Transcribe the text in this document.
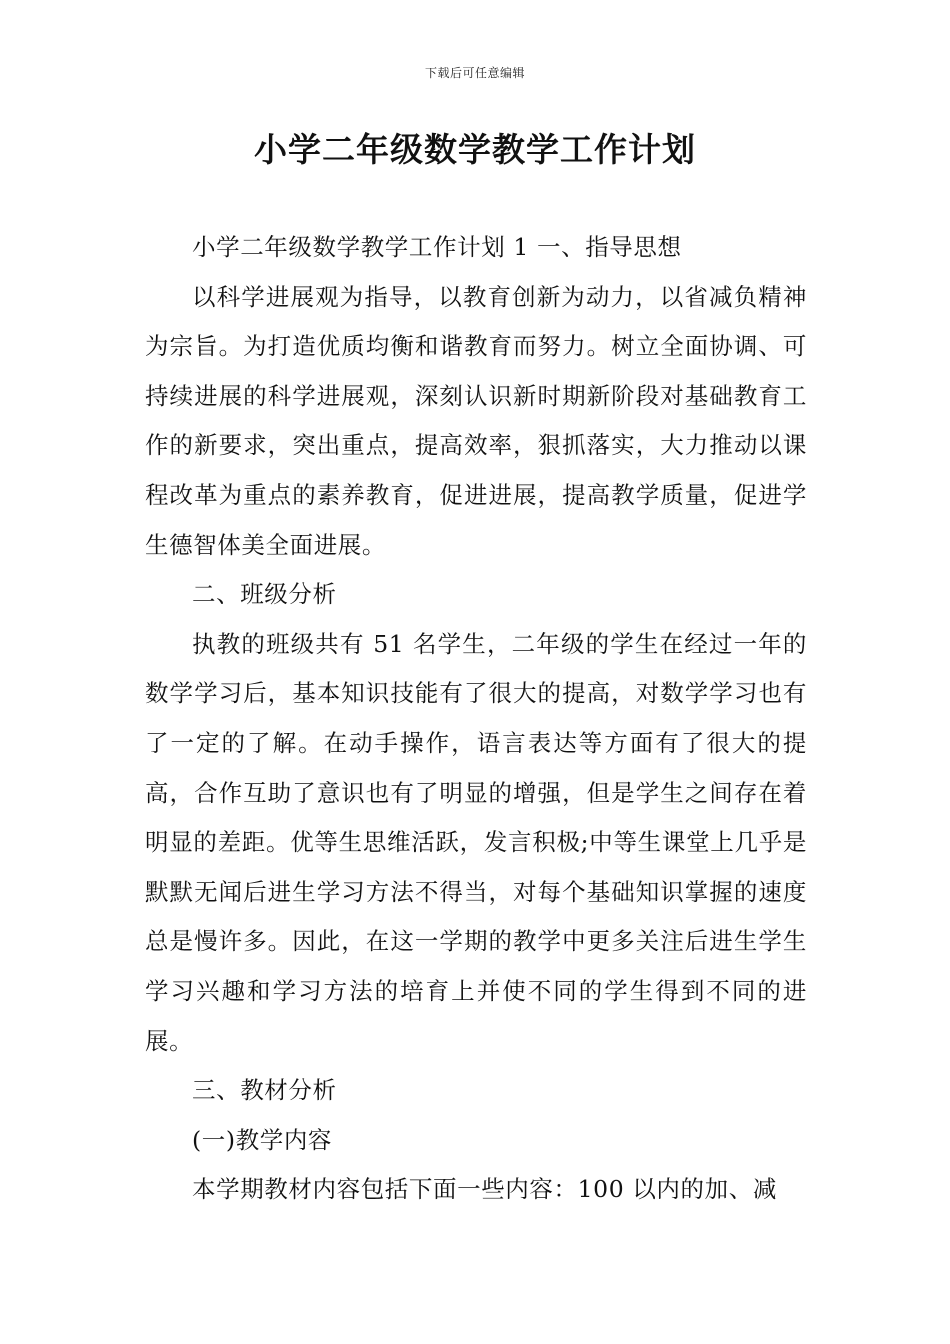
下载后可任意编辑
小学二年级数学教学工作计划

小学二年级数学教学工作计划 1 一、指导思想

以科学进展观为指导，以教育创新为动力，以省减负精神为宗旨。为打造优质均衡和谐教育而努力。树立全面协调、可持续进展的科学进展观，深刻认识新时期新阶段对基础教育工作的新要求，突出重点，提高效率，狠抓落实，大力推动以课程改革为重点的素养教育，促进进展，提高教学质量，促进学生德智体美全面进展。

二、班级分析

执教的班级共有 51 名学生，二年级的学生在经过一年的数学学习后，基本知识技能有了很大的提高，对数学学习也有了一定的了解。在动手操作，语言表达等方面有了很大的提高，合作互助了意识也有了明显的增强，但是学生之间存在着明显的差距。优等生思维活跃，发言积极;中等生课堂上几乎是默默无闻后进生学习方法不得当，对每个基础知识掌握的速度总是慢许多。因此，在这一学期的教学中更多关注后进生学生学习兴趣和学习方法的培育上并使不同的学生得到不同的进展。

三、教材分析

(一)教学内容

本学期教材内容包括下面一些内容：100 以内的加、减
